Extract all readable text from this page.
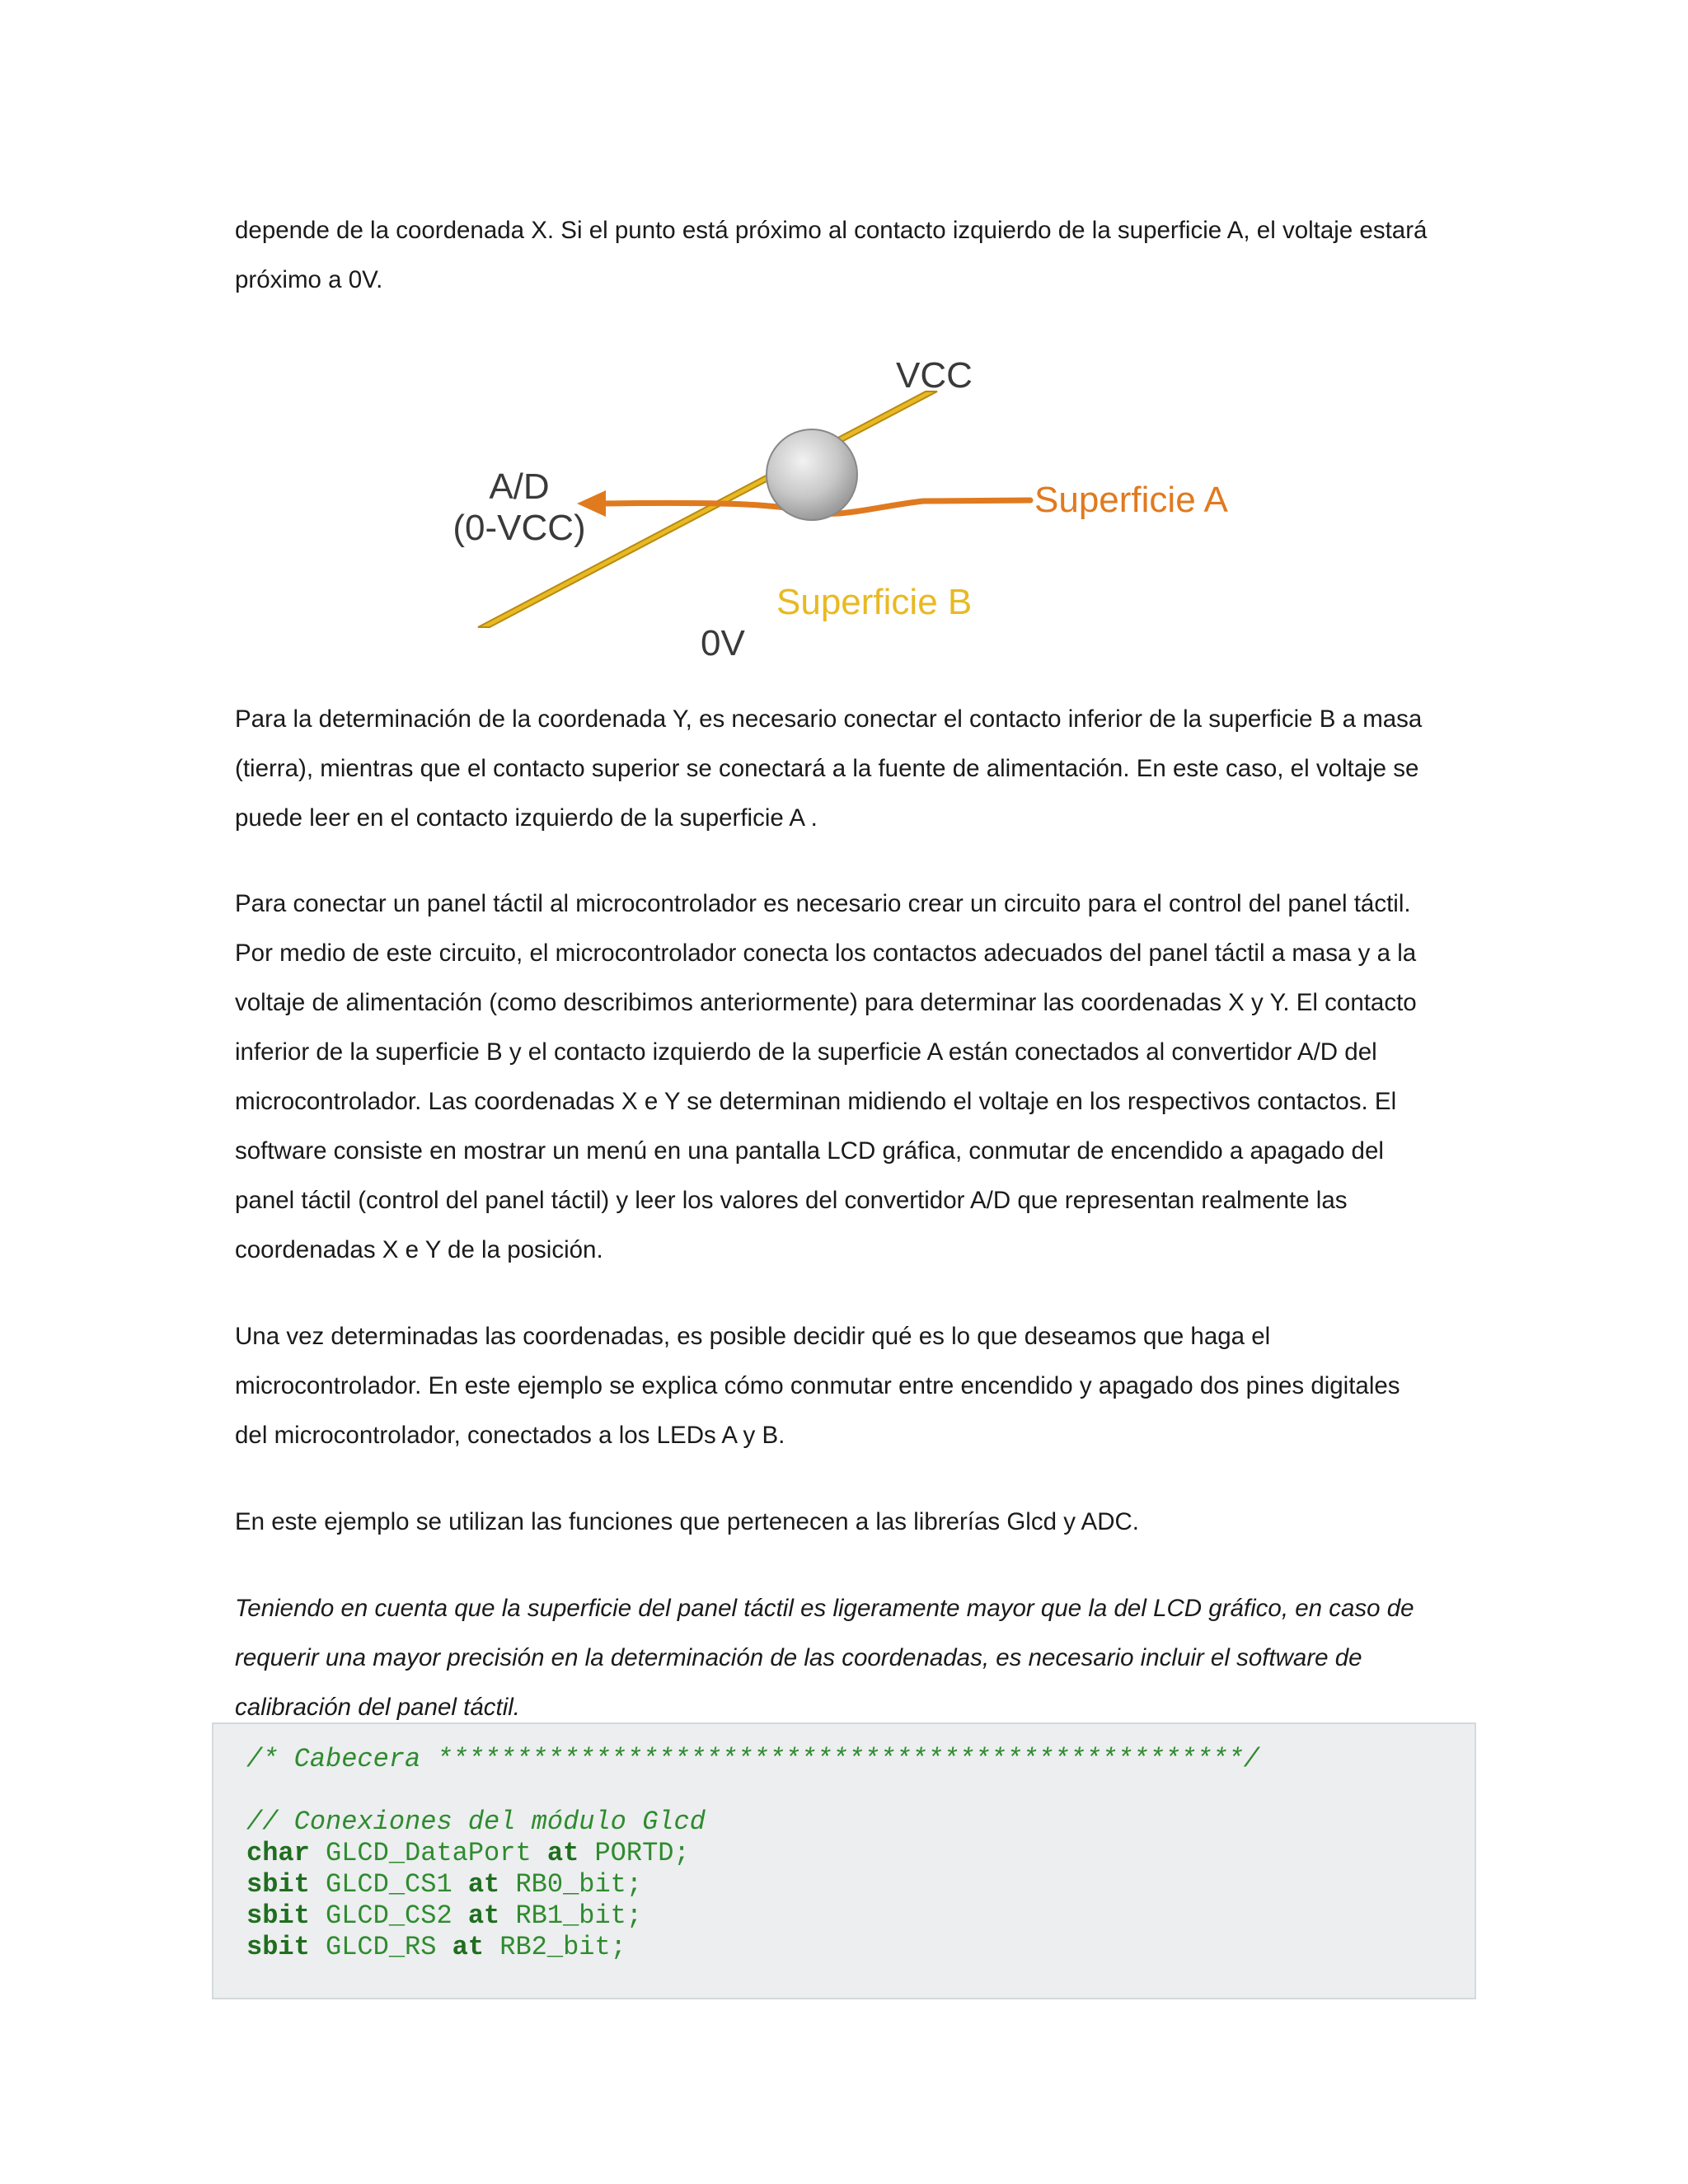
depende de la coordenada X. Si el punto está próximo al contacto izquierdo de la superficie A, el voltaje estará
próximo a 0V.

VCC
A/D
(0-VCC)
Superficie A
Superficie B
0V

Para la determinación de la coordenada Y, es necesario conectar el contacto inferior de la superficie B a masa
(tierra), mientras que el contacto superior se conectará a la fuente de alimentación. En este caso, el voltaje se
puede leer en el contacto izquierdo de la superficie A .

Para conectar un panel táctil al microcontrolador es necesario crear un circuito para el control del panel táctil.
Por medio de este circuito, el microcontrolador conecta los contactos adecuados del panel táctil a masa y a la
voltaje de alimentación (como describimos anteriormente) para determinar las coordenadas X y Y. El contacto
inferior de la superficie B y el contacto izquierdo de la superficie A están conectados al convertidor A/D del
microcontrolador. Las coordenadas X e Y se determinan midiendo el voltaje en los respectivos contactos. El
software consiste en mostrar un menú en una pantalla LCD gráfica, conmutar de encendido a apagado del
panel táctil (control del panel táctil) y leer los valores del convertidor A/D que representan realmente las
coordenadas X e Y de la posición.

Una vez determinadas las coordenadas, es posible decidir qué es lo que deseamos que haga el
microcontrolador. En este ejemplo se explica cómo conmutar entre encendido y apagado dos pines digitales
del microcontrolador, conectados a los LEDs A y B.

En este ejemplo se utilizan las funciones que pertenecen a las librerías Glcd y ADC.

Teniendo en cuenta que la superficie del panel táctil es ligeramente mayor que la del LCD gráfico, en caso de
requerir una mayor precisión en la determinación de las coordenadas, es necesario incluir el software de
calibración del panel táctil.

/* Cabecera ***************************************************/
// Conexiones del módulo Glcd
char GLCD_DataPort at PORTD;
sbit GLCD_CS1 at RB0_bit;
sbit GLCD_CS2 at RB1_bit;
sbit GLCD_RS at RB2_bit;
